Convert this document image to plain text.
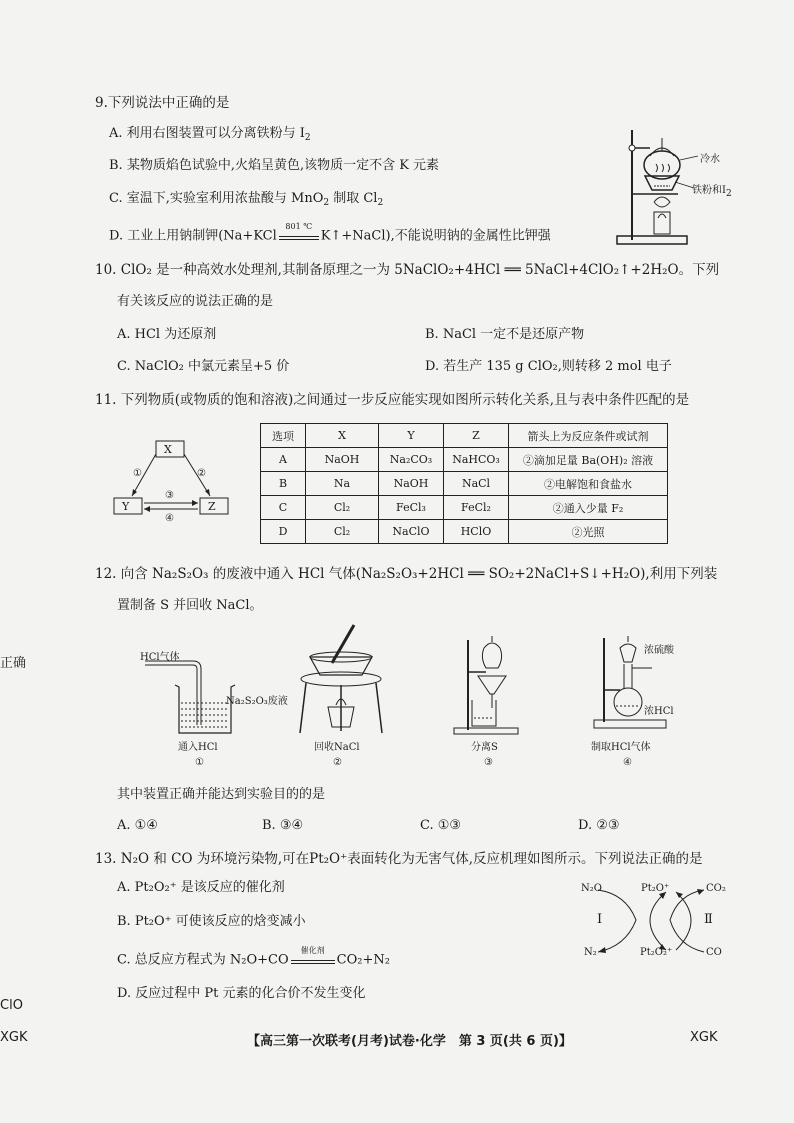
正确
ClO
XGK
9.下列说法中正确的是
A. 利用右图装置可以分离铁粉与 $I_2$
B. 某物质焰色试验中,火焰呈黄色,该物质一定不含 K 元素
C. 室温下,实验室利用浓盐酸与 MnO$_2$ 制取 $Cl_2$
D. 工业上用钠制钾(Na+KCl
801 ℃
K↑+NaCl),不能说明钠的金属性比钾强
冷水
铁粉和$I_2$
10. ClO₂ 是一种高效水处理剂,其制备原理之一为 5NaClO₂+4HCl ══ 5NaCl+4ClO₂↑+2H₂O。下列
有关该反应的说法正确的是
A. HCl 为还原剂	B. NaCl 一定不是还原产物
C. NaClO₂ 中氯元素呈+5 价	D. 若生产 135 g ClO₂,则转移 2 mol 电子
11. 下列物质(或物质的饱和溶液)之间通过一步反应能实现如图所示转化关系,且与表中条件匹配的是
X
Y	Z
①	②
③
④
选项	X	Y	Z	箭头上为反应条件或试剂
A	NaOH	Na₂CO₃	NaHCO₃	②滴加足量 Ba(OH)₂ 溶液
B	Na	NaOH	NaCl	②电解饱和食盐水
C	Cl₂	FeCl₃	FeCl₂	②通入少量 F₂
D	Cl₂	NaClO	HClO	②光照
12. 向含 Na₂S₂O₃ 的废液中通入 HCl 气体(Na₂S₂O₃+2HCl ══ SO₂+2NaCl+S↓+H₂O),利用下列装
置制备 S 并回收 NaCl。
HCl气体
Na₂S₂O₃废液
通入HCl
①
回收NaCl
②
分离S
③
浓硫酸
浓HCl
制取HCl气体
④
其中装置正确并能达到实验目的的是
A. ①④	B. ③④	C. ①③	D. ②③
13. N₂O 和 CO 为环境污染物,可在Pt₂O⁺表面转化为无害气体,反应机理如图所示。下列说法正确的是
A. Pt₂O₂⁺ 是该反应的催化剂
B. Pt₂O⁺ 可使该反应的焓变减小
C. 总反应方程式为 N₂O+CO
催化剂
CO₂+N₂
D. 反应过程中 Pt 元素的化合价不发生变化
N₂O	Pt₂O⁺	CO₂
Ⅰ	Ⅱ
N₂	Pt₂O₂⁺	CO
【高三第一次联考(月考)试卷·化学　第 3 页(共 6 页)】	XGK
